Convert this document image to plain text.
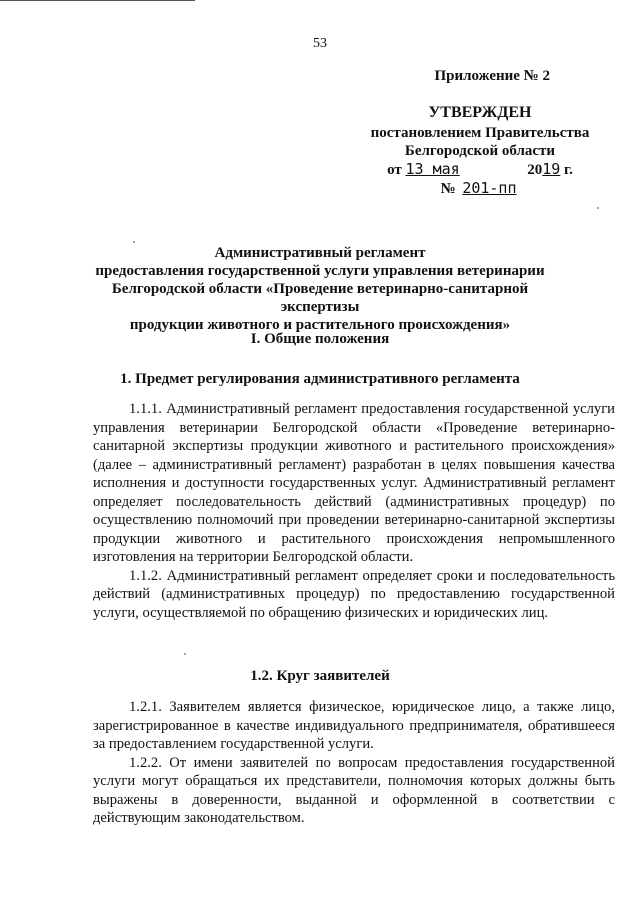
53
Приложение № 2
УТВЕРЖДЕН
постановлением Правительства
Белгородской области
от 13 мая	2019 г.
№ 201-пп
Административный регламент
предоставления государственной услуги управления ветеринарии
Белгородской области «Проведение ветеринарно-санитарной экспертизы
продукции животного и растительного происхождения»
I. Общие положения
1. Предмет регулирования административного регламента

1.1.1. Административный регламент предоставления государственной услуги управления ветеринарии Белгородской области «Проведение ветеринарно-санитарной экспертизы продукции животного и растительного происхождения» (далее – административный регламент) разработан в целях повышения качества исполнения и доступности государственных услуг. Административный регламент определяет последовательность действий (административных процедур) по осуществлению полномочий при проведении ветеринарно-санитарной экспертизы продукции животного и растительного происхождения непромышленного изготовления на территории Белгородской области.

1.1.2. Административный регламент определяет сроки и последовательность действий (административных процедур) по предоставлению государственной услуги, осуществляемой по обращению физических и юридических лиц.

1.2. Круг заявителей

1.2.1. Заявителем является физическое, юридическое лицо, а также лицо, зарегистрированное в качестве индивидуального предпринимателя, обратившееся за предоставлением государственной услуги.

1.2.2. От имени заявителей по вопросам предоставления государственной услуги могут обращаться их представители, полномочия которых должны быть выражены в доверенности, выданной и оформленной в соответствии с действующим законодательством.
